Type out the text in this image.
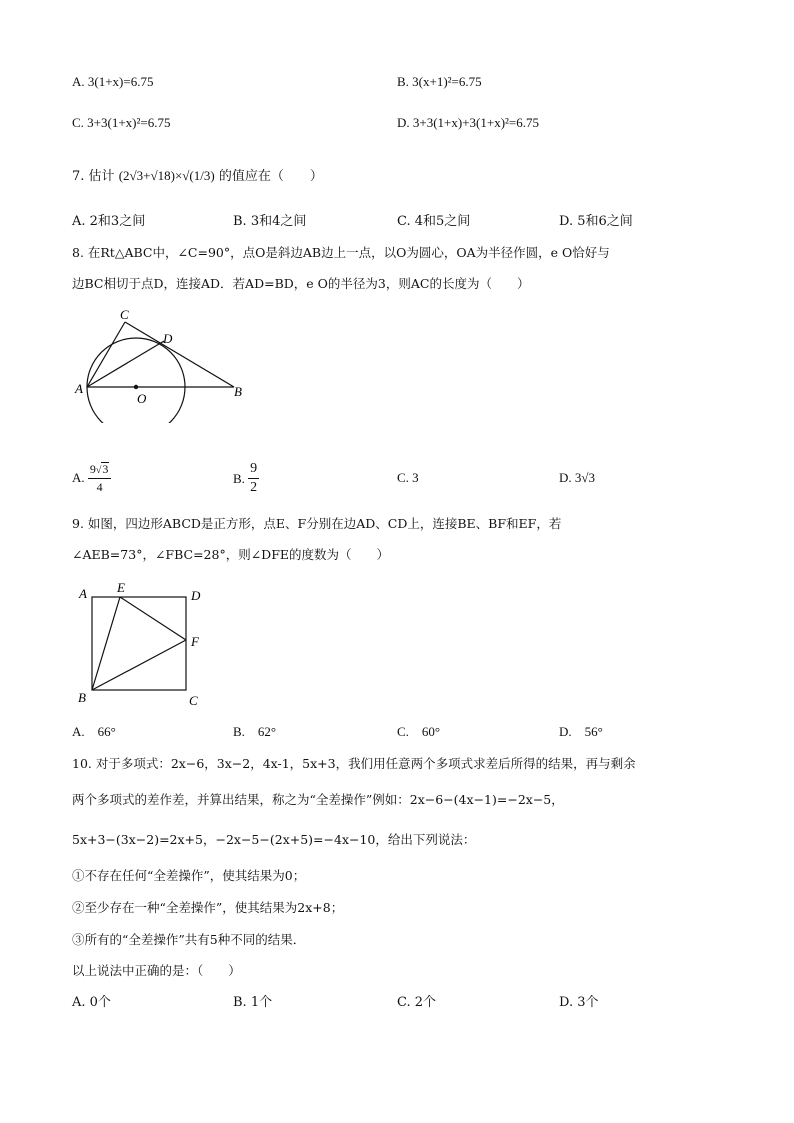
A. 3(1+x)=6.75	B. 3(x+1)²=6.75
C. 3+3(1+x)²=6.75	D. 3+3(1+x)+3(1+x)²=6.75
7. 估计 (2√3+√18)×√(1/3) 的值应在（　　）
A. 2和3之间	B. 3和4之间	C. 4和5之间	D. 5和6之间
8. 在Rt△ABC中，∠C=90°，点O是斜边AB边上一点，以O为圆心，OA为半径作圆，e O恰好与
边BC相切于点D，连接AD．若AD=BD，e O的半径为3，则AC的长度为（　　）
C
D
A
O	B
A. $\frac{9√3}{4}$	B. $\frac{9}{2}$	C. 3	D. 3√3
9. 如图，四边形ABCD是正方形，点E、F分别在边AD、CD上，连接BE、BF和EF，若
∠AEB=73°，∠FBC=28°，则∠DFE的度数为（　　）
A E
D
F
B	C
A.　66°	B.　62°	C.　60°	D.　56°
10. 对于多项式：2x−6，3x−2，4x-1，5x+3，我们用任意两个多项式求差后所得的结果，再与剩余
两个多项式的差作差，并算出结果，称之为“全差操作”例如：2x−6−(4x−1)=−2x−5，
5x+3−(3x−2)=2x+5，−2x−5−(2x+5)=−4x−10，给出下列说法：
①不存在任何“全差操作”，使其结果为0；
②至少存在一种“全差操作”，使其结果为2x+8；
③所有的“全差操作”共有5种不同的结果．
以上说法中正确的是：（　　）
A. 0个	B. 1个	C. 2个	D. 3个
